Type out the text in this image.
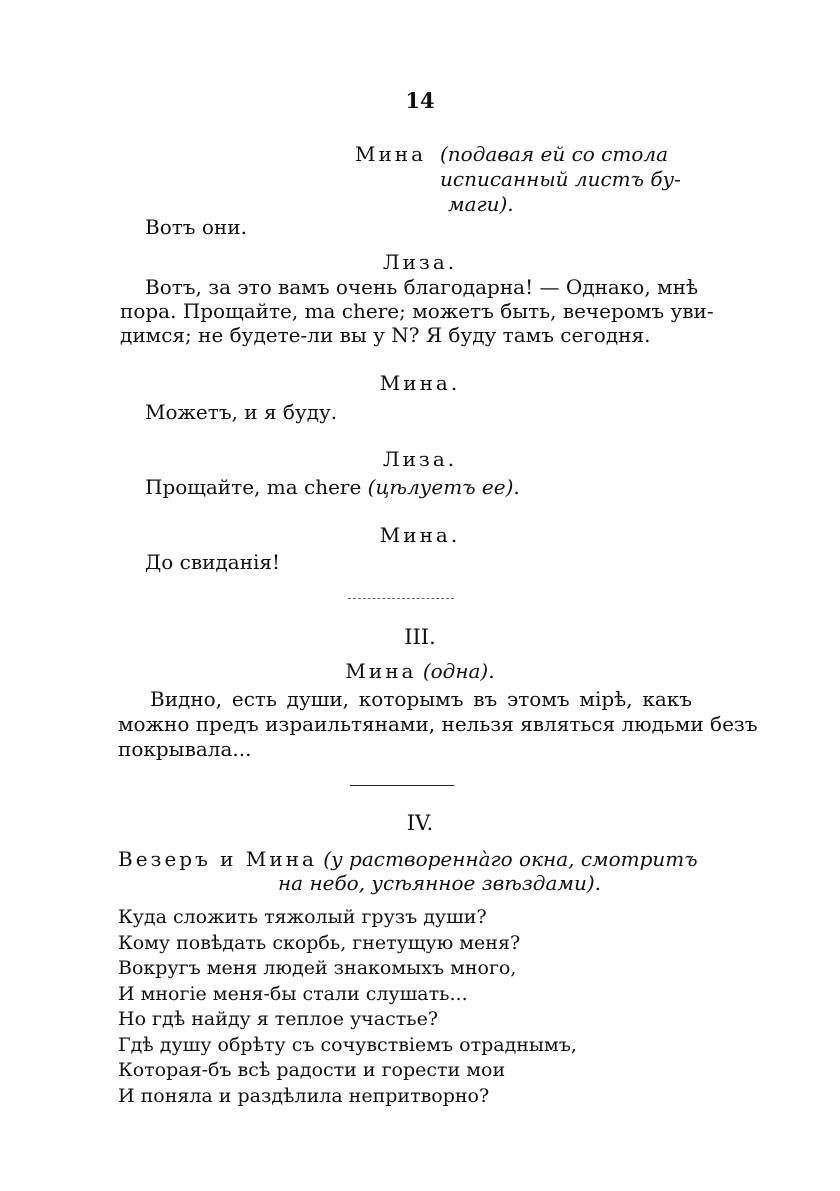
14
Мина (подавая ей со стола
исписанный листъ бу-
маги).
Вотъ они.
Лиза.
Вотъ, за это вамъ очень благодарна! — Однако, мнѣ
пора. Прощайте, ma chere; можетъ быть, вечеромъ уви-
димся; не будете-ли вы у N? Я буду тамъ сегодня.
Мина.
Можетъ, и я буду.
Лиза.
Прощайте, ma chere (цѣлуетъ ее).
Мина.
До свиданія!
III.
Мина (одна).
Видно, есть души, которымъ въ этомъ мірѣ, какъ
можно предъ израильтянами, нельзя являться людьми безъ
покрывала...
IV.
Везеръ и Мина (у растворенна̀го окна, смотритъ
на небо, усѣянное звѣздами).
Куда сложить тяжолый грузъ души?
Кому повѣдать скорбь, гнетущую меня?
Вокругъ меня людей знакомыхъ много,
И многіе меня-бы стали слушать...
Но гдѣ найду я теплое участье?
Гдѣ душу обрѣту съ сочувствіемъ отраднымъ,
Которая-бъ всѣ радости и горести мои
И поняла и раздѣлила непритворно?
